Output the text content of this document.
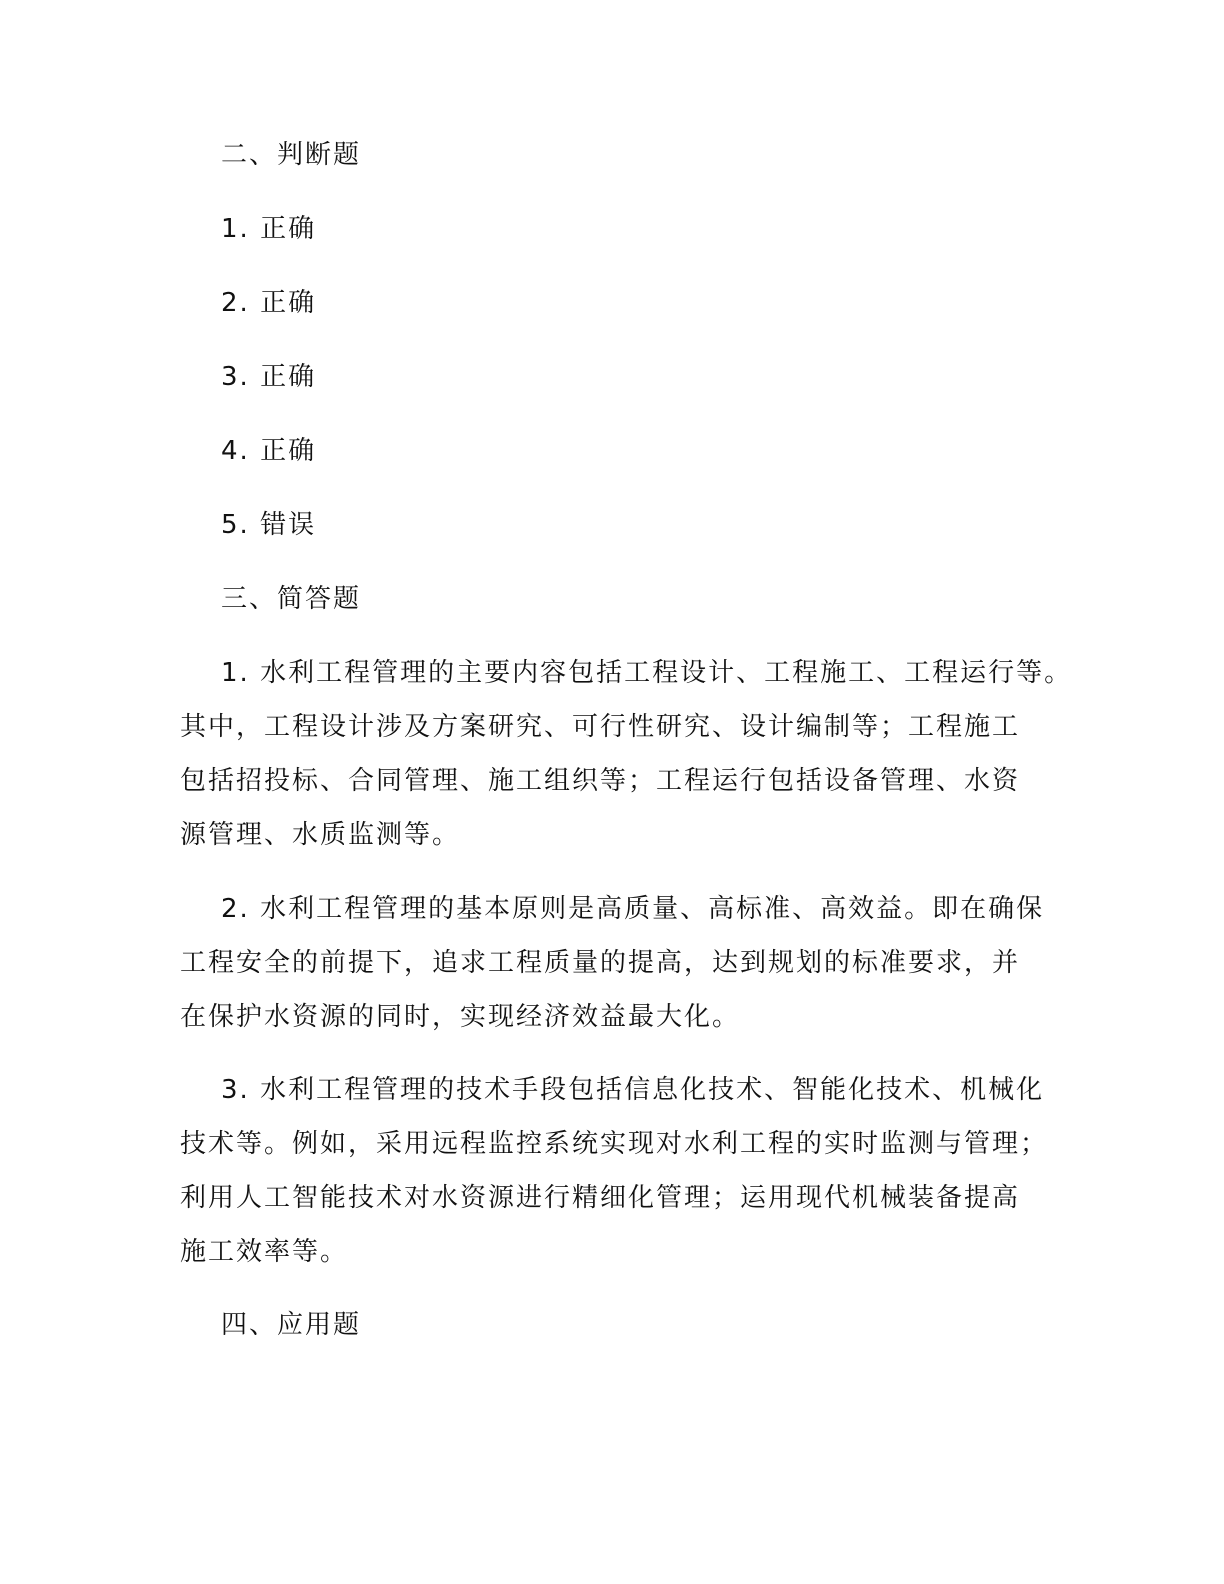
二、判断题
1. 正确
2. 正确
3. 正确
4. 正确
5. 错误
三、简答题
1. 水利工程管理的主要内容包括工程设计、工程施工、工程运行等。
其中，工程设计涉及方案研究、可行性研究、设计编制等；工程施工
包括招投标、合同管理、施工组织等；工程运行包括设备管理、水资
源管理、水质监测等。
2. 水利工程管理的基本原则是高质量、高标准、高效益。即在确保
工程安全的前提下，追求工程质量的提高，达到规划的标准要求，并
在保护水资源的同时，实现经济效益最大化。
3. 水利工程管理的技术手段包括信息化技术、智能化技术、机械化
技术等。例如，采用远程监控系统实现对水利工程的实时监测与管理；
利用人工智能技术对水资源进行精细化管理；运用现代机械装备提高
施工效率等。
四、应用题
